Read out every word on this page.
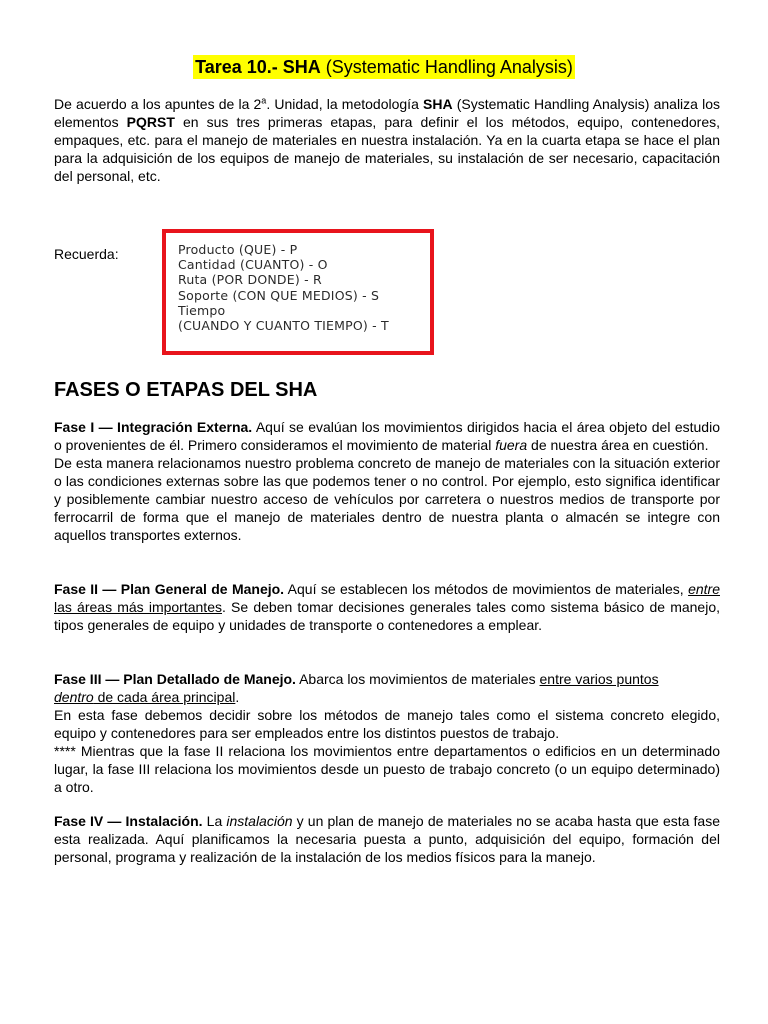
Tarea 10.- SHA (Systematic Handling Analysis)

De acuerdo a los apuntes de la 2$^a$. Unidad, la metodología SHA (Systematic Handling Analysis) analiza los elementos PQRST en sus tres primeras etapas, para definir el los métodos, equipo, contenedores, empaques, etc. para el manejo de materiales en nuestra instalación. Ya en la cuarta etapa se hace el plan para la adquisición de los equipos de manejo de materiales, su instalación de ser necesario, capacitación del personal, etc.

Recuerda:	Producto (QUE) - P
Cantidad (CUANTO) - O
Ruta (POR DONDE) - R
Soporte (CON QUE MEDIOS) - S
Tiempo
(CUANDO Y CUANTO TIEMPO) - T
FASES O ETAPAS DEL SHA

Fase I — Integración Externa. Aquí se evalúan los movimientos dirigidos hacia el área objeto del estudio o provenientes de él. Primero consideramos el movimiento de material fuera de nuestra área en cuestión.

De esta manera relacionamos nuestro problema concreto de manejo de materiales con la situación exterior o las condiciones externas sobre las que podemos tener o no control. Por ejemplo, esto significa identificar y posiblemente cambiar nuestro acceso de vehículos por carretera o nuestros medios de transporte por ferrocarril de forma que el manejo de materiales dentro de nuestra planta o almacén se integre con aquellos transportes externos.

Fase II — Plan General de Manejo. Aquí se establecen los métodos de movimientos de materiales, entre las áreas más importantes. Se deben tomar decisiones generales tales como sistema básico de manejo, tipos generales de equipo y unidades de transporte o contenedores a emplear.

Fase III — Plan Detallado de Manejo. Abarca los movimientos de materiales entre varios puntos
dentro de cada área principal.

En esta fase debemos decidir sobre los métodos de manejo tales como el sistema concreto elegido, equipo y contenedores para ser empleados entre los distintos puestos de trabajo.

**** Mientras que la fase II relaciona los movimientos entre departamentos o edificios en un determinado lugar, la fase III relaciona los movimientos desde un puesto de trabajo concreto (o un equipo determinado) a otro.

Fase IV — Instalación. La instalación y un plan de manejo de materiales no se acaba hasta que esta fase esta realizada. Aquí planificamos la necesaria puesta a punto, adquisición del equipo, formación del personal, programa y realización de la instalación de los medios físicos para la manejo.
